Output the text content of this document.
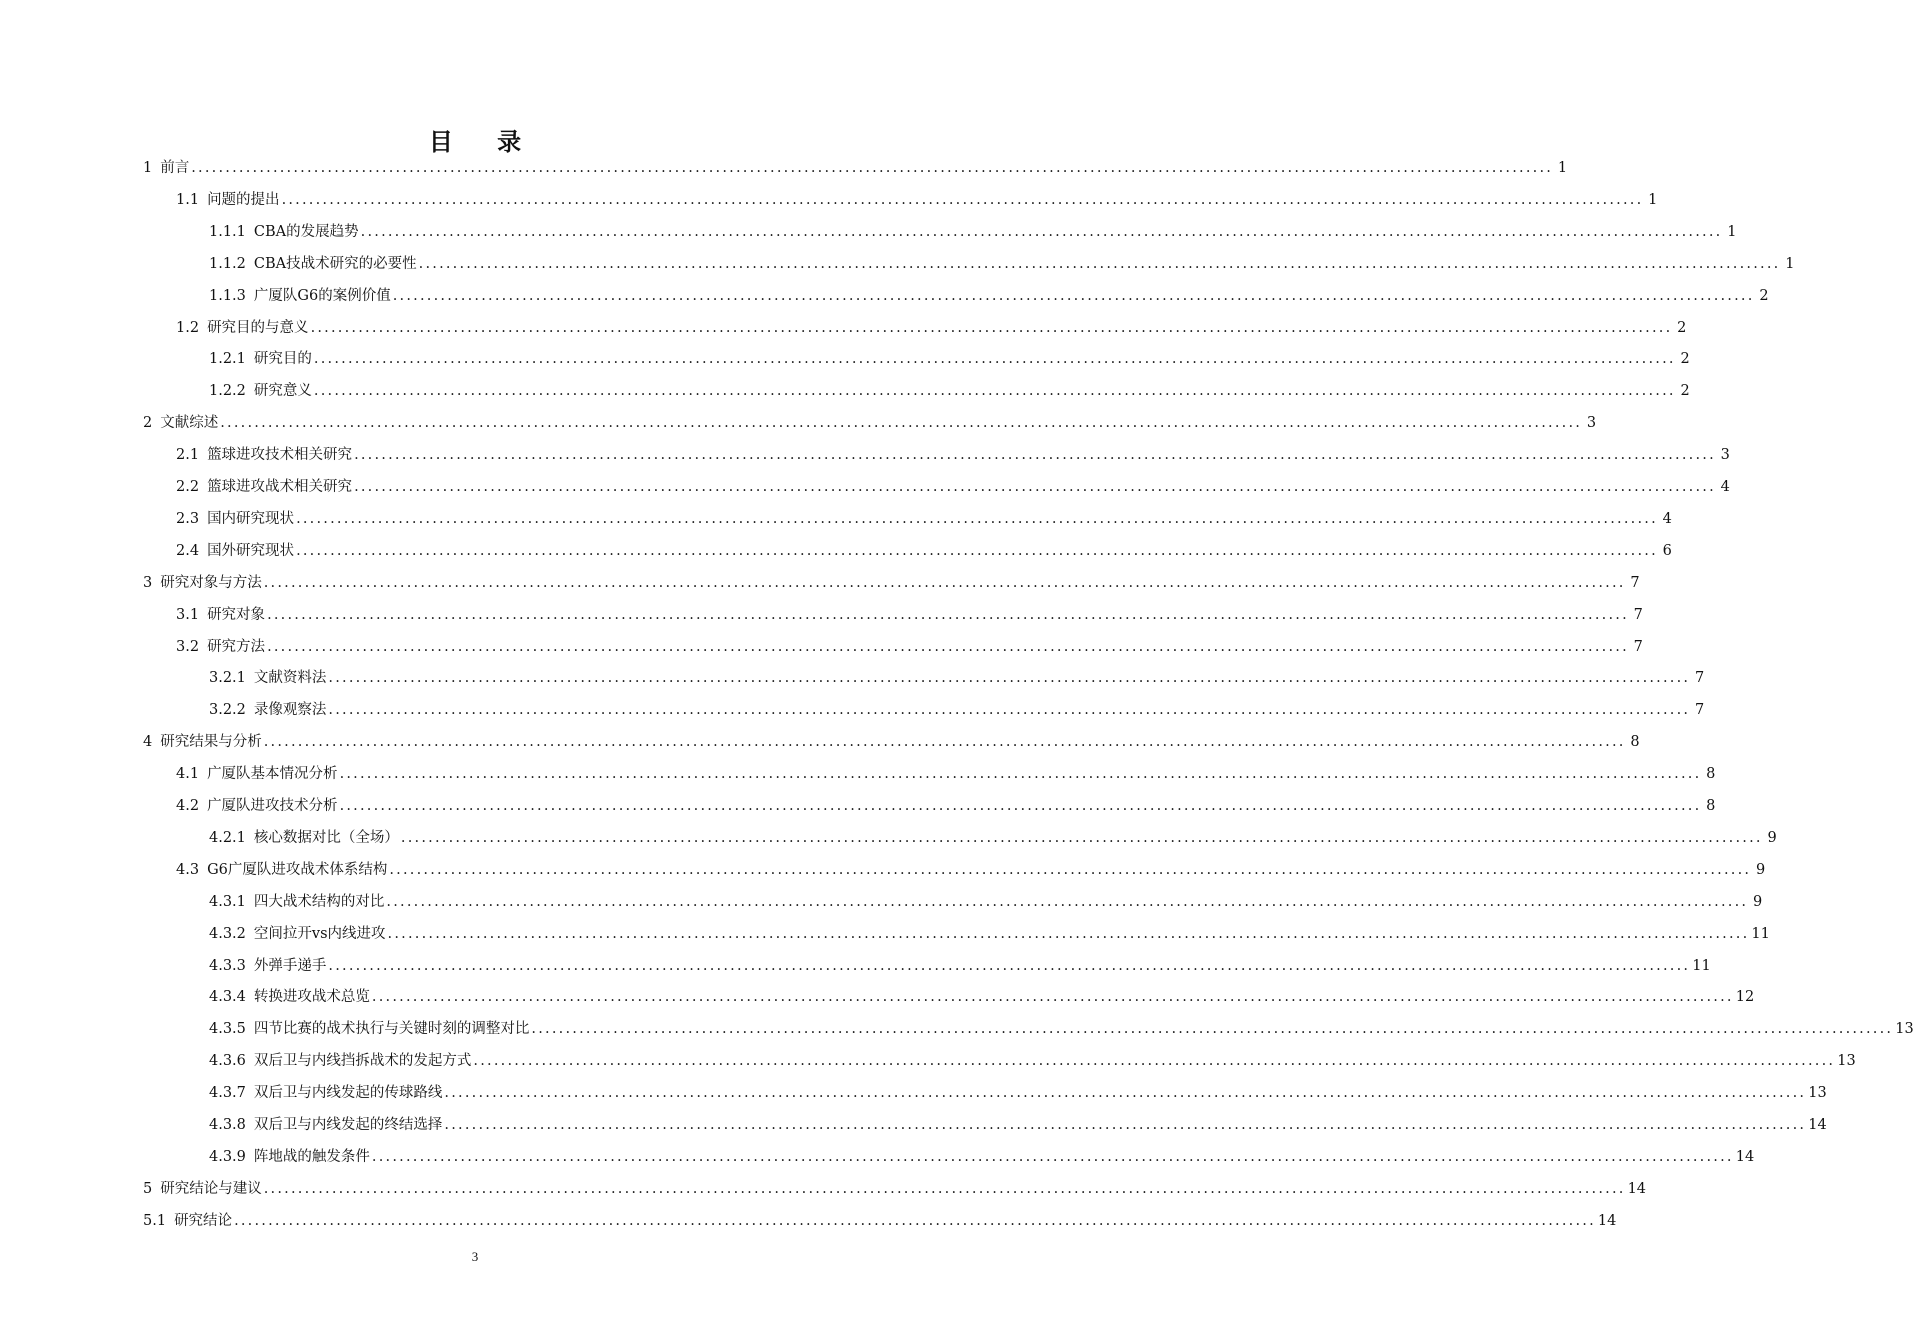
目 录
1 前言 ........................................................................................................................................................................................................ 1
1.1 问题的提出 ........................................................................................................................................................................................................ 1
1.1.1 CBA的发展趋势 ........................................................................................................................................................................................................ 1
1.1.2 CBA技战术研究的必要性 ........................................................................................................................................................................................................ 1
1.1.3 广厦队G6的案例价值 ........................................................................................................................................................................................................ 2
1.2 研究目的与意义 ........................................................................................................................................................................................................ 2
1.2.1 研究目的 ........................................................................................................................................................................................................ 2
1.2.2 研究意义 ........................................................................................................................................................................................................ 2
2 文献综述 ........................................................................................................................................................................................................ 3
2.1 篮球进攻技术相关研究 ........................................................................................................................................................................................................ 3
2.2 篮球进攻战术相关研究 ........................................................................................................................................................................................................ 4
2.3 国内研究现状 ........................................................................................................................................................................................................ 4
2.4 国外研究现状 ........................................................................................................................................................................................................ 6
3 研究对象与方法 ........................................................................................................................................................................................................ 7
3.1 研究对象 ........................................................................................................................................................................................................ 7
3.2 研究方法 ........................................................................................................................................................................................................ 7
3.2.1 文献资料法 ........................................................................................................................................................................................................ 7
3.2.2 录像观察法 ........................................................................................................................................................................................................ 7
4 研究结果与分析 ........................................................................................................................................................................................................ 8
4.1 广厦队基本情况分析 ........................................................................................................................................................................................................ 8
4.2 广厦队进攻技术分析 ........................................................................................................................................................................................................ 8
4.2.1 核心数据对比（全场） ........................................................................................................................................................................................................ 9
4.3 G6广厦队进攻战术体系结构 ........................................................................................................................................................................................................ 9
4.3.1 四大战术结构的对比 ........................................................................................................................................................................................................ 9
4.3.2 空间拉开vs内线进攻 ........................................................................................................................................................................................................ 11
4.3.3 外弹手递手 ........................................................................................................................................................................................................ 11
4.3.4 转换进攻战术总览 ........................................................................................................................................................................................................ 12
4.3.5 四节比赛的战术执行与关键时刻的调整对比 ........................................................................................................................................................................................................ 13
4.3.6 双后卫与内线挡拆战术的发起方式 ........................................................................................................................................................................................................ 13
4.3.7 双后卫与内线发起的传球路线 ........................................................................................................................................................................................................ 13
4.3.8 双后卫与内线发起的终结选择 ........................................................................................................................................................................................................ 14
4.3.9 阵地战的触发条件 ........................................................................................................................................................................................................ 14
5 研究结论与建议 ........................................................................................................................................................................................................ 14
5.1 研究结论 ........................................................................................................................................................................................................ 14
3
